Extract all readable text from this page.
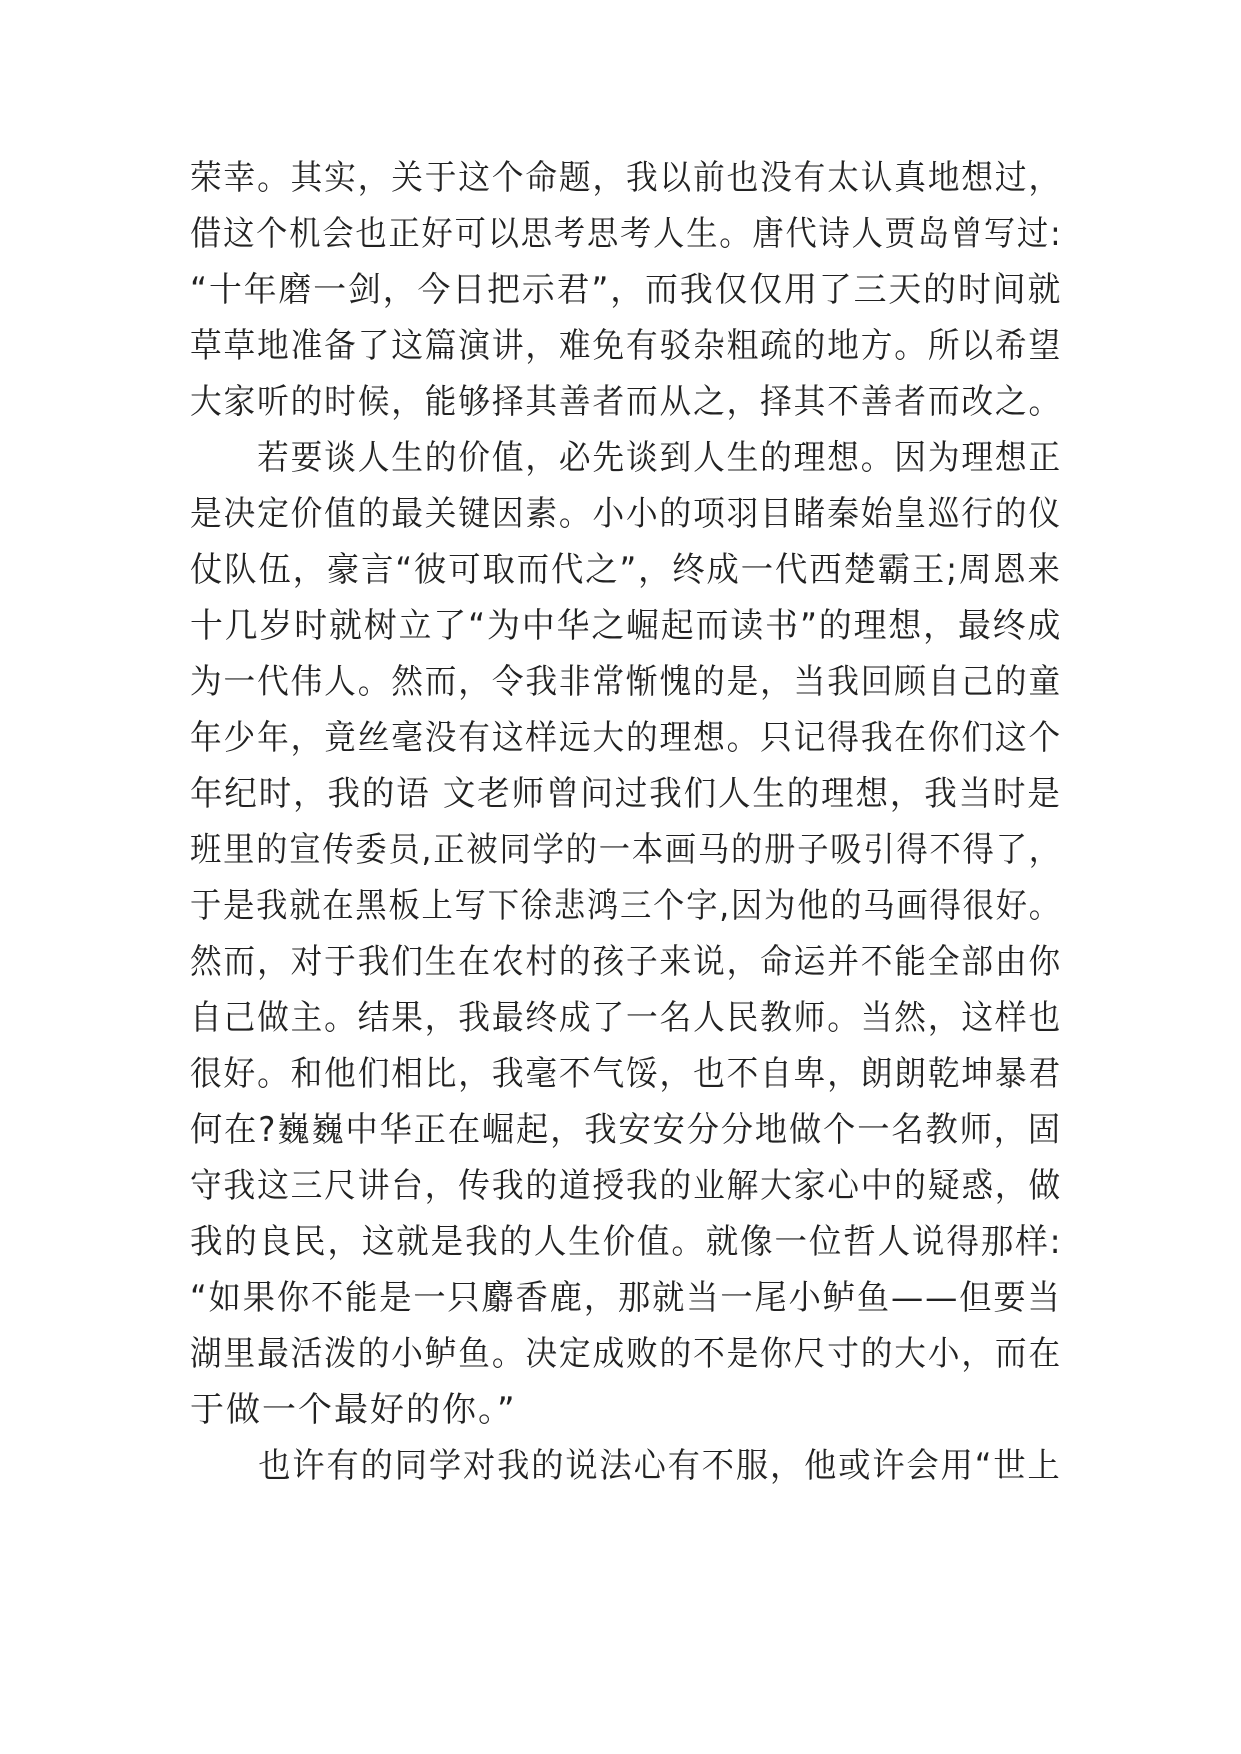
荣幸。其实，关于这个命题，我以前也没有太认真地想过，
借这个机会也正好可以思考思考人生。唐代诗人贾岛曾写过:
“十年磨一剑，今日把示君”，而我仅仅用了三天的时间就
草草地准备了这篇演讲，难免有驳杂粗疏的地方。所以希望
大家听的时候，能够择其善者而从之，择其不善者而改之。
　　若要谈人生的价值，必先谈到人生的理想。因为理想正
是决定价值的最关键因素。小小的项羽目睹秦始皇巡行的仪
仗队伍，豪言“彼可取而代之”，终成一代西楚霸王;周恩来
十几岁时就树立了“为中华之崛起而读书”的理想，最终成
为一代伟人。然而，令我非常惭愧的是，当我回顾自己的童
年少年，竟丝毫没有这样远大的理想。只记得我在你们这个
年纪时，我的语 文老师曾问过我们人生的理想，我当时是
班里的宣传委员,正被同学的一本画马的册子吸引得不得了，
于是我就在黑板上写下徐悲鸿三个字,因为他的马画得很好。
然而，对于我们生在农村的孩子来说，命运并不能全部由你
自己做主。结果，我最终成了一名人民教师。当然，这样也
很好。和他们相比，我毫不气馁，也不自卑，朗朗乾坤暴君
何在?巍巍中华正在崛起，我安安分分地做个一名教师，固
守我这三尺讲台，传我的道授我的业解大家心中的疑惑，做
我的良民，这就是我的人生价值。就像一位哲人说得那样:
“如果你不能是一只麝香鹿，那就当一尾小鲈鱼——但要当
湖里最活泼的小鲈鱼。决定成败的不是你尺寸的大小，而在
于做一个最好的你。”
　　也许有的同学对我的说法心有不服，他或许会用“世上
